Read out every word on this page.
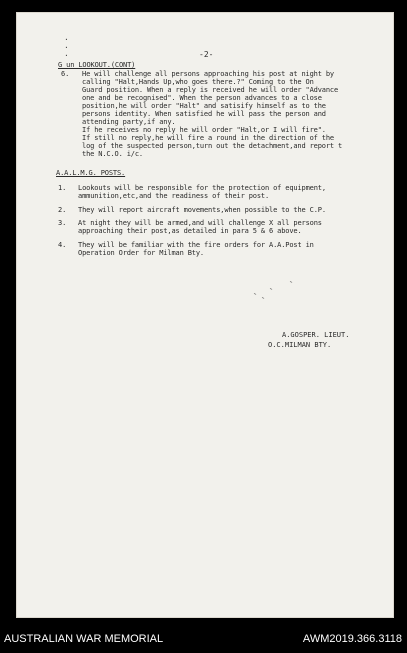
·
·
·	-2-
G un LOOKOUT.(CONT)
6. He will challenge all persons approaching his post at night by
calling "Halt,Hands Up,who goes there.?" Coming to the On
Guard position. When a reply is received he will order "Advance
one and be recognised". When the person advances to a close
position,he will order "Halt" and satisify himself as to the
persons identity. When satisfied he will pass the person and
attending party,if any.
If he receives no reply he will order "Halt,or I will fire".
If still no reply,he will fire a round in the direction of the
log of the suspected person,turn out the detachment,and report t
the N.C.O. i/c.
A.A.L.M.G. POSTS.
1. Lookouts will be responsible for the protection of equipment,
ammunition,etc,and the readiness of their post.
2. They will report aircraft movements,when possible to the C.P.
3. At night they will be armed,and will challenge X all persons
approaching their post,as detailed in para 5 & 6 above.
4. They will be familiar with the fire orders for A.A.Post in
Operation Order for Milman Bty.
‵
‵
‵
‵
A.GOSPER. LIEUT.
O.C.MILMAN BTY.
AUSTRALIAN WAR MEMORIAL	AWM2019.366.3118
